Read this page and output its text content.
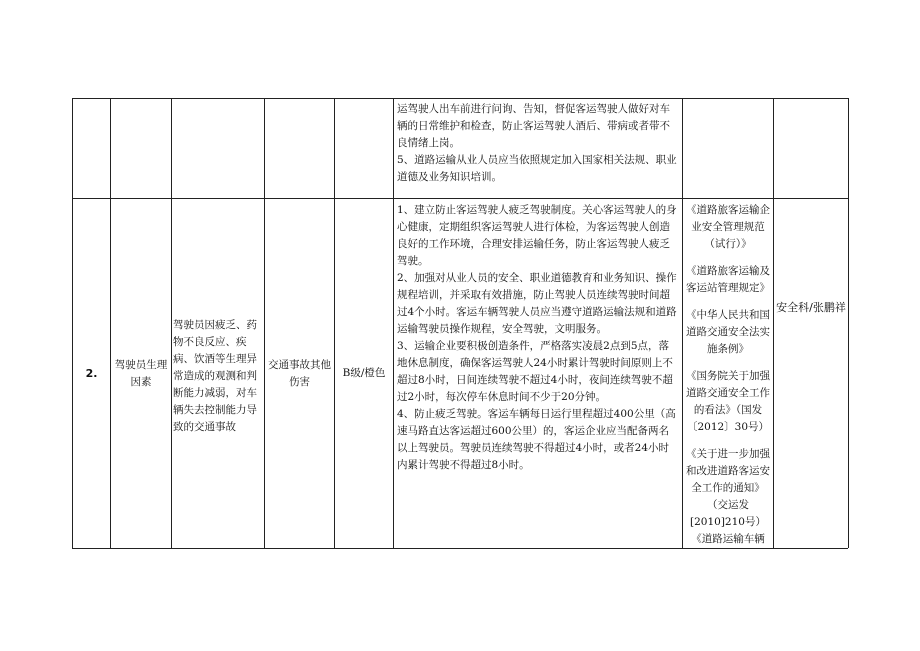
运驾驶人出车前进行问询、告知，督促客运驾驶人做好对车辆的日常维护和检查，防止客运驾驶人酒后、带病或者带不良情绪上岗。

5、道路运输从业人员应当依照规定加入国家相关法规、职业道德及业务知识培训。

2.
驾驶员生理因素
驾驶员因疲乏、药物不良反应、疾病、饮酒等生理异常造成的观测和判断能力减弱，对车辆失去控制能力导致的交通事故
交通事故其他伤害
B级/橙色

1、建立防止客运驾驶人疲乏驾驶制度。关心客运驾驶人的身心健康，定期组织客运驾驶人进行体检，为客运驾驶人创造良好的工作环境，合理安排运输任务，防止客运驾驶人疲乏驾驶。

2、加强对从业人员的安全、职业道德教育和业务知识、操作规程培训，并采取有效措施，防止驾驶人员连续驾驶时间超过4个小时。客运车辆驾驶人员应当遵守道路运输法规和道路运输驾驶员操作规程，安全驾驶，文明服务。

3、运输企业要积极创造条件，严格落实凌晨2点到5点，落地休息制度，确保客运驾驶人24小时累计驾驶时间原则上不超过8小时，日间连续驾驶不超过4小时，夜间连续驾驶不超过2小时，每次停车休息时间不少于20分钟。

4、防止疲乏驾驶。客运车辆每日运行里程超过400公里（高速马路直达客运超过600公里）的，客运企业应当配备两名以上驾驶员。驾驶员连续驾驶不得超过4小时，或者24小时内累计驾驶不得超过8小时。

《道路旅客运输企业安全管理规范（试行）》

《道路旅客运输及客运站管理规定》

《中华人民共和国道路交通安全法实施条例》

《国务院关于加强道路交通安全工作的看法》（国发〔2012〕30号）

《关于进一步加强和改进道路客运安全工作的通知》（交运发[2010]210号）

《道路运输车辆

安全科/张鹏祥
